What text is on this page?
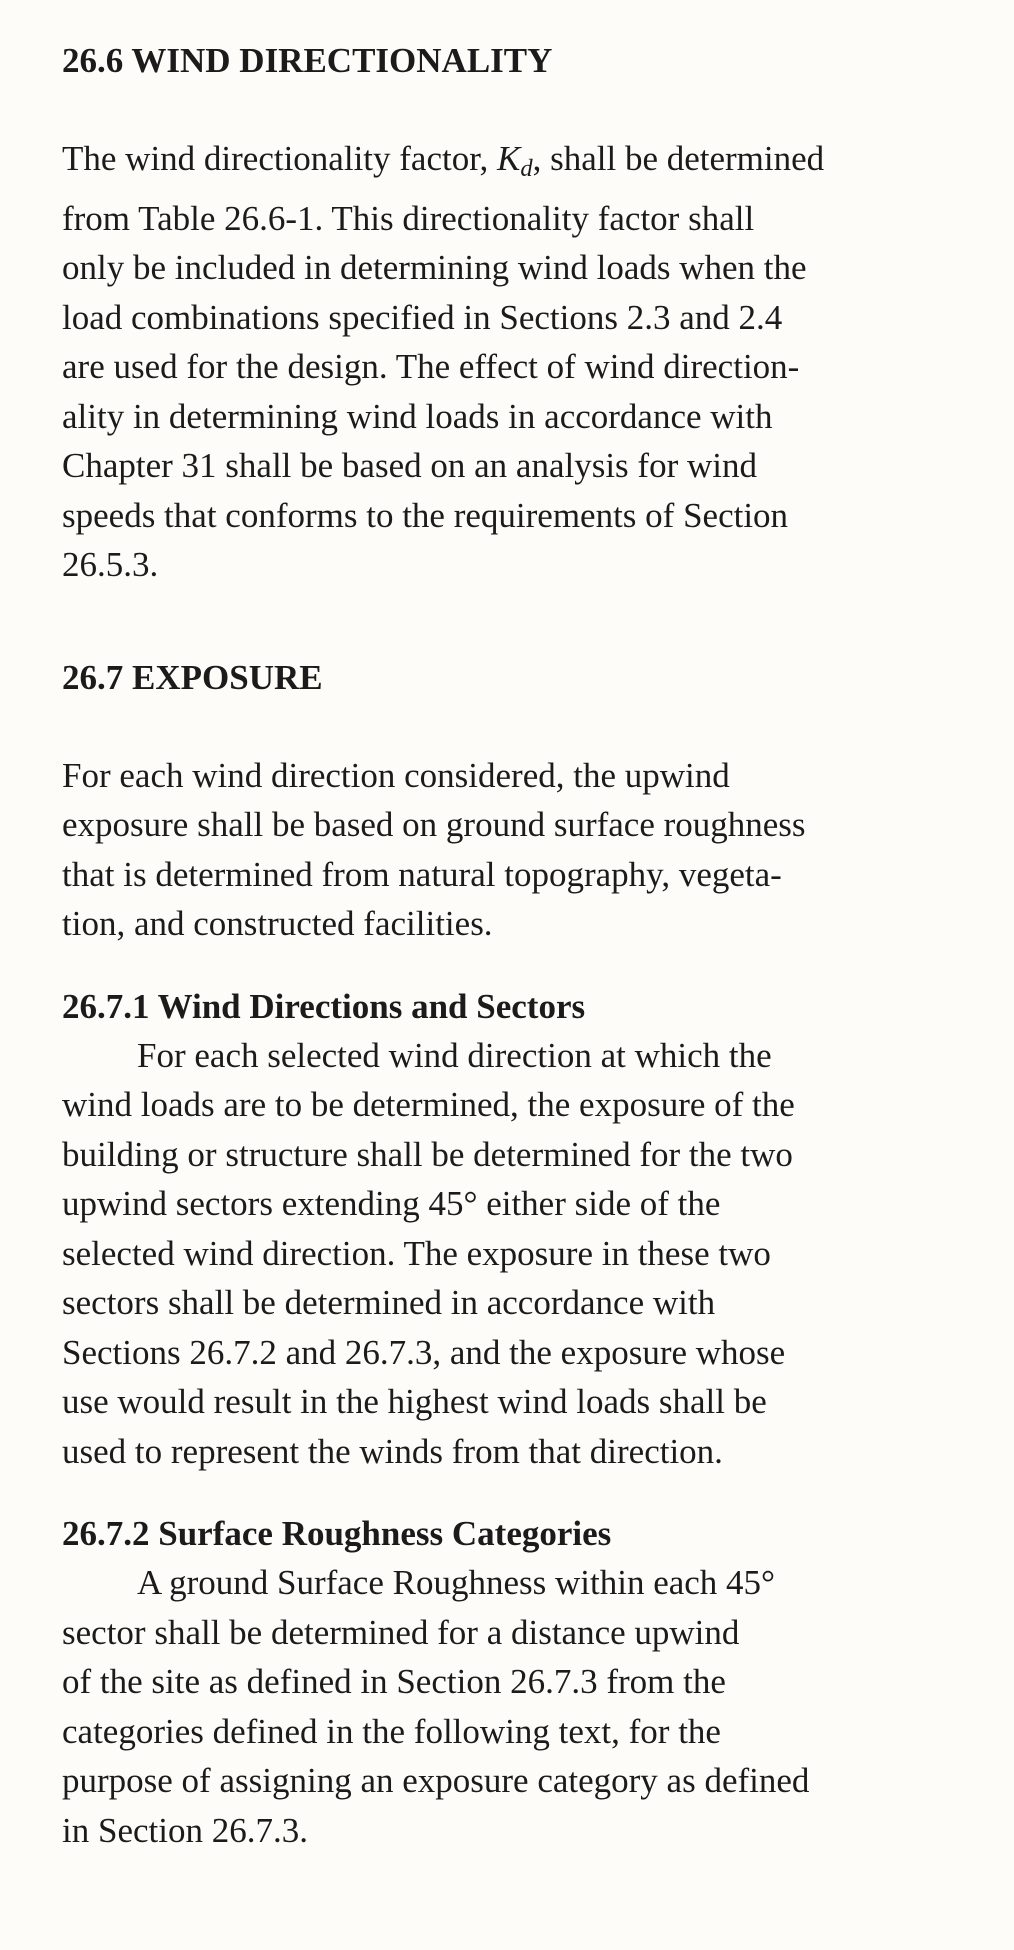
26.6 WIND DIRECTIONALITY
The wind directionality factor, $K_d$, shall be determined
from Table 26.6-1. This directionality factor shall
only be included in determining wind loads when the
load combinations specified in Sections 2.3 and 2.4
are used for the design. The effect of wind direction-
ality in determining wind loads in accordance with
Chapter 31 shall be based on an analysis for wind
speeds that conforms to the requirements of Section
26.5.3.
26.7 EXPOSURE
For each wind direction considered, the upwind
exposure shall be based on ground surface roughness
that is determined from natural topography, vegeta-
tion, and constructed facilities.
26.7.1 Wind Directions and Sectors
For each selected wind direction at which the
wind loads are to be determined, the exposure of the
building or structure shall be determined for the two
upwind sectors extending 45° either side of the
selected wind direction. The exposure in these two
sectors shall be determined in accordance with
Sections 26.7.2 and 26.7.3, and the exposure whose
use would result in the highest wind loads shall be
used to represent the winds from that direction.
26.7.2 Surface Roughness Categories
A ground Surface Roughness within each 45°
sector shall be determined for a distance upwind
of the site as defined in Section 26.7.3 from the
categories defined in the following text, for the
purpose of assigning an exposure category as defined
in Section 26.7.3.
